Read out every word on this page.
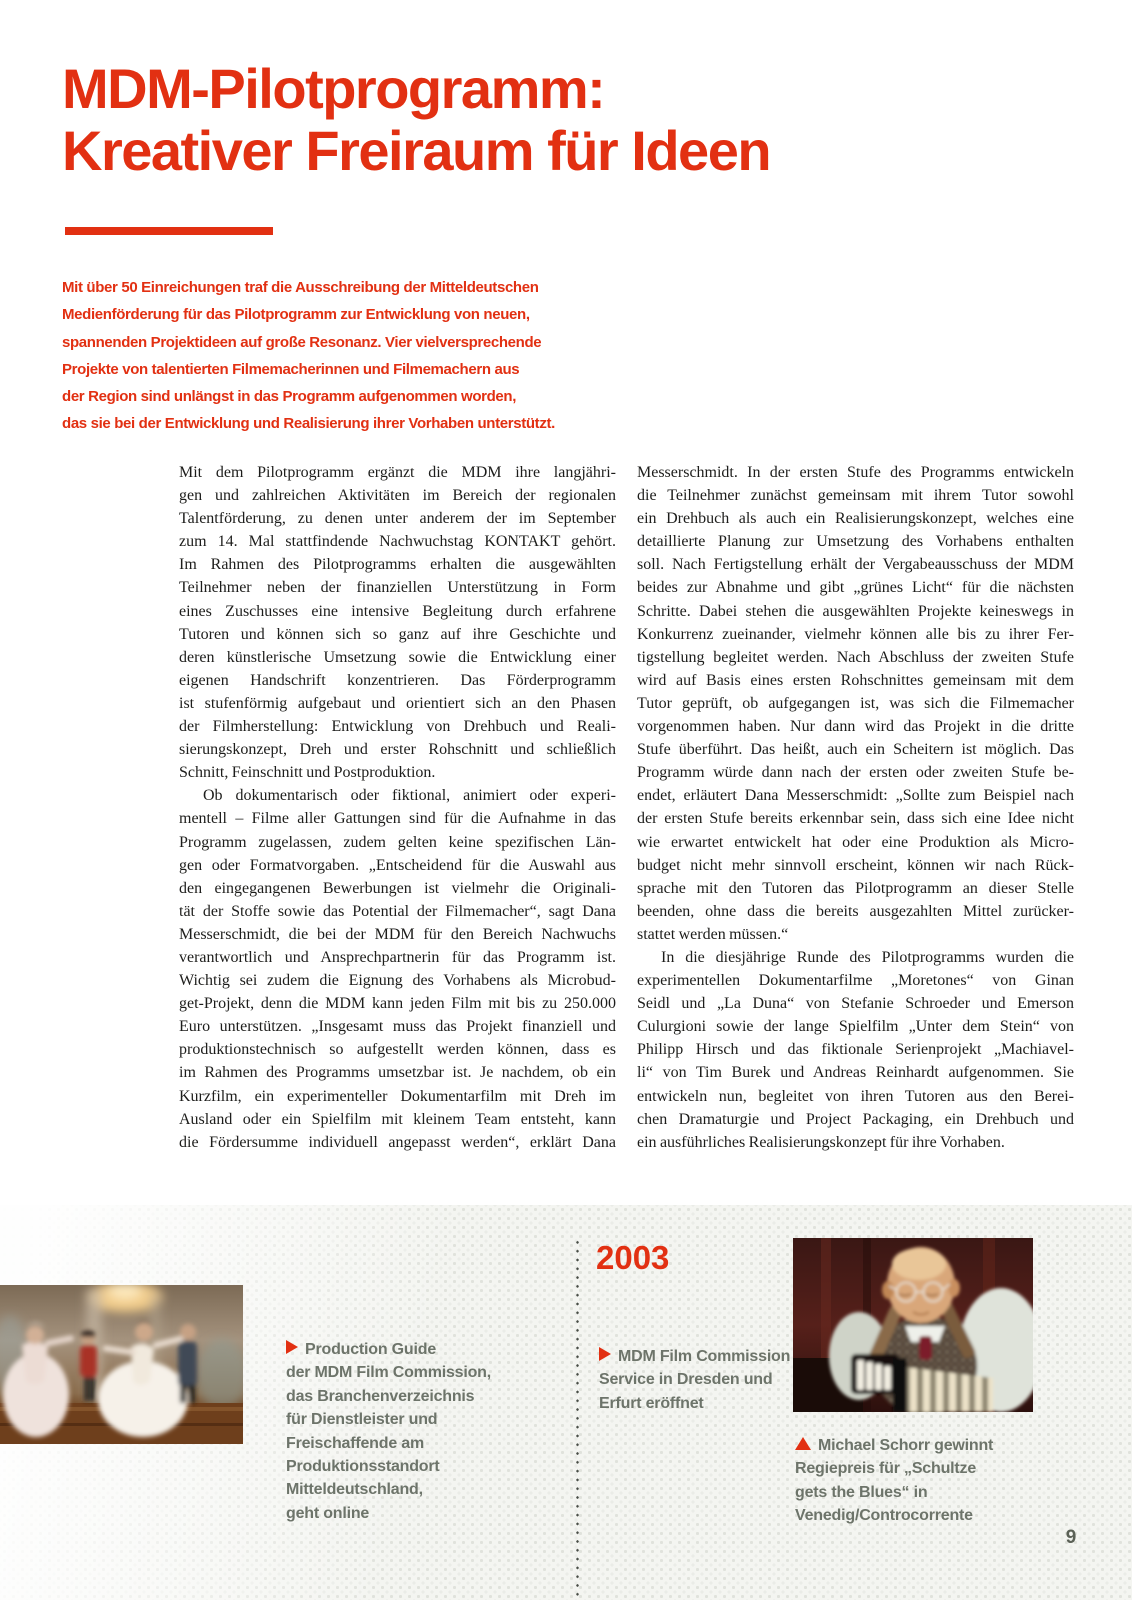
MDM-Pilotprogramm:
Kreativer Freiraum für Ideen
Mit über 50 Einreichungen traf die Ausschreibung der Mitteldeutschen
Medienförderung für das Pilotprogramm zur Entwicklung von neuen,
spannenden Projektideen auf große Resonanz. Vier vielversprechende
Projekte von talentierten Filmemacherinnen und Filmemachern aus
der Region sind unlängst in das Programm aufgenommen worden,
das sie bei der Entwicklung und Realisierung ihrer Vorhaben unterstützt.
Mit dem Pilotprogramm ergänzt die MDM ihre langjähri-
gen und zahlreichen Aktivitäten im Bereich der regionalen
Talentförderung, zu denen unter anderem der im September
zum 14. Mal stattfindende Nachwuchstag KONTAKT gehört.
Im Rahmen des Pilotprogramms erhalten die ausgewählten
Teilnehmer neben der finanziellen Unterstützung in Form
eines Zuschusses eine intensive Begleitung durch erfahrene
Tutoren und können sich so ganz auf ihre Geschichte und
deren künstlerische Umsetzung sowie die Entwicklung einer
eigenen Handschrift konzentrieren. Das Förderprogramm
ist stufenförmig aufgebaut und orientiert sich an den Phasen
der Filmherstellung: Entwicklung von Drehbuch und Reali-
sierungskonzept, Dreh und erster Rohschnitt und schließlich
Schnitt, Feinschnitt und Postproduktion.
Ob dokumentarisch oder fiktional, animiert oder experi-
mentell – Filme aller Gattungen sind für die Aufnahme in das
Programm zugelassen, zudem gelten keine spezifischen Län-
gen oder Formatvorgaben. „Entscheidend für die Auswahl aus
den eingegangenen Bewerbungen ist vielmehr die Originali-
tät der Stoffe sowie das Potential der Filmemacher“, sagt Dana
Messerschmidt, die bei der MDM für den Bereich Nachwuchs
verantwortlich und Ansprechpartnerin für das Programm ist.
Wichtig sei zudem die Eignung des Vorhabens als Microbud-
get-Projekt, denn die MDM kann jeden Film mit bis zu 250.000
Euro unterstützen. „Insgesamt muss das Projekt finanziell und
produktionstechnisch so aufgestellt werden können, dass es
im Rahmen des Programms umsetzbar ist. Je nachdem, ob ein
Kurzfilm, ein experimenteller Dokumentarfilm mit Dreh im
Ausland oder ein Spielfilm mit kleinem Team entsteht, kann
die Fördersumme individuell angepasst werden“, erklärt Dana
Messerschmidt. In der ersten Stufe des Programms entwickeln
die Teilnehmer zunächst gemeinsam mit ihrem Tutor sowohl
ein Drehbuch als auch ein Realisierungskonzept, welches eine
detaillierte Planung zur Umsetzung des Vorhabens enthalten
soll. Nach Fertigstellung erhält der Vergabeausschuss der MDM
beides zur Abnahme und gibt „grünes Licht“ für die nächsten
Schritte. Dabei stehen die ausgewählten Projekte keineswegs in
Konkurrenz zueinander, vielmehr können alle bis zu ihrer Fer-
tigstellung begleitet werden. Nach Abschluss der zweiten Stufe
wird auf Basis eines ersten Rohschnittes gemeinsam mit dem
Tutor geprüft, ob aufgegangen ist, was sich die Filmemacher
vorgenommen haben. Nur dann wird das Projekt in die dritte
Stufe überführt. Das heißt, auch ein Scheitern ist möglich. Das
Programm würde dann nach der ersten oder zweiten Stufe be-
endet, erläutert Dana Messerschmidt: „Sollte zum Beispiel nach
der ersten Stufe bereits erkennbar sein, dass sich eine Idee nicht
wie erwartet entwickelt hat oder eine Produktion als Micro-
budget nicht mehr sinnvoll erscheint, können wir nach Rück-
sprache mit den Tutoren das Pilotprogramm an dieser Stelle
beenden, ohne dass die bereits ausgezahlten Mittel zurücker-
stattet werden müssen.“
In die diesjährige Runde des Pilotprogramms wurden die
experimentellen Dokumentarfilme „Moretones“ von Ginan
Seidl und „La Duna“ von Stefanie Schroeder und Emerson
Culurgioni sowie der lange Spielfilm „Unter dem Stein“ von
Philipp Hirsch und das fiktionale Serienprojekt „Machiavel-
li“ von Tim Burek und Andreas Reinhardt aufgenommen. Sie
entwickeln nun, begleitet von ihren Tutoren aus den Berei-
chen Dramaturgie und Project Packaging, ein Drehbuch und
ein ausführliches Realisierungskonzept für ihre Vorhaben.
Production Guide
der MDM Film Commission,
das Branchenverzeichnis
für Dienstleister und
Freischaffende am
Produktionsstandort
Mitteldeutschland,
geht online
2003
MDM Film Commission
Service in Dresden und
Erfurt eröffnet
Michael Schorr gewinnt
Regiepreis für „Schultze
gets the Blues“ in
Venedig/Controcorrente
9
